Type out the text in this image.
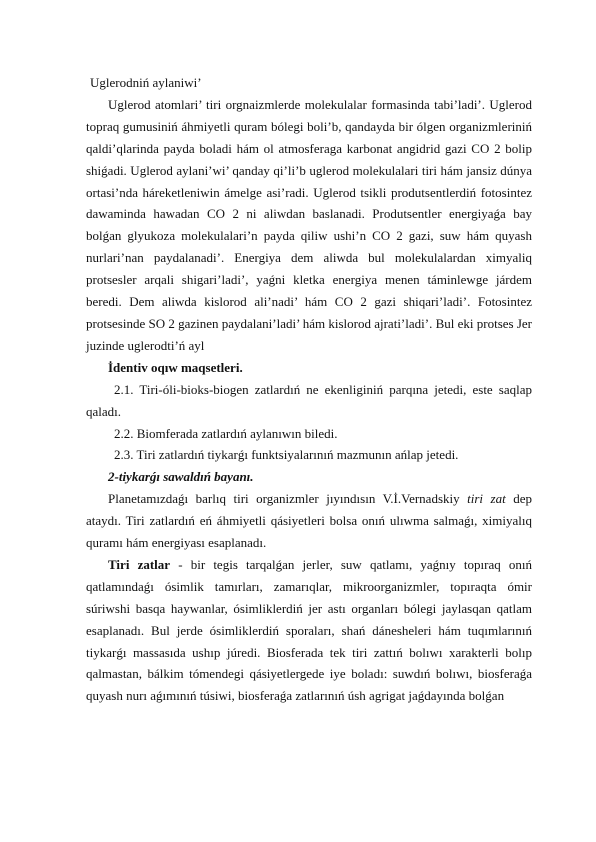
Uglerodniń aylaniwi’

Uglerod atomlari’ tiri orgnaizmlerde molekulalar formasinda tabi’ladi’. Uglerod topraq gumusiniń áhmiyetli quram bólegi boli’b, qandayda bir ólgen organizmleriniń qaldi’qlarinda payda boladi hám ol atmosferaga karbonat angidrid gazi CO 2 bolip shiǵadi. Uglerod aylani’wi’ qanday qi’li’b uglerod molekulalari tiri hám jansiz dúnya ortasi’nda háreketleniwin ámelge asi’radi. Uglerod tsikli produtsentlerdiń fotosintez dawaminda hawadan CO 2 ni aliwdan baslanadi. Produtsentler energiyaǵa bay bolǵan glyukoza molekulalari’n payda qiliw ushi’n CO 2 gazi, suw hám quyash nurlari’nan paydalanadi’. Energiya dem aliwda bul molekulalardan ximyaliq protsesler arqali shigari’ladi’, yaǵni kletka energiya menen táminlewge járdem beredi. Dem aliwda kislorod ali’nadi’ hám CO 2 gazi shiqari’ladi’. Fotosintez protsesinde SO 2 gazinen paydalani’ladi’ hám kislorod ajrati’ladi’. Bul eki protses Jer juzinde uglerodti’ń ayl

İdentiv oqıw maqsetleri.

2.1. Tiri-óli-bioks-biogen zatlardıń ne ekenliginiń parqına jetedi, este saqlap qaladı.

2.2. Biomferada zatlardıń aylanıwın biledi.

2.3. Tiri zatlardıń tiykarǵı funktsiyalarınıń mazmunın ańlap jetedi.

2-tiykarǵı sawaldıń bayanı.

Planetamızdaǵı barlıq tiri organizmler jıyındısın V.İ.Vernadskiy tiri zat dep ataydı. Tiri zatlardıń eń áhmiyetli qásiyetleri bolsa onıń ulıwma salmaǵı, ximiyalıq quramı hám energiyası esaplanadı.

Tiri zatlar - bir tegis tarqalǵan jerler, suw qatlamı, yaǵnıy topıraq onıń qatlamındaǵı ósimlik tamırları, zamarıqlar, mikroorganizmler, topıraqta ómir súriwshi basqa haywanlar, ósimliklerdiń jer astı organları bólegi jaylasqan qatlam esaplanadı. Bul jerde ósimliklerdiń sporaları, shań dánesheleri hám tuqımlarınıń tiykarǵı massasıda ushıp júredi. Biosferada tek tiri zattıń bolıwı xarakterli bolıp qalmastan, bálkim tómendegi qásiyetlergede iye boladı: suwdıń bolıwı, biosferaǵa quyash nurı aǵımınıń túsiwi, biosferaǵa zatlarınıń úsh agrigat jaǵdayında bolǵan
